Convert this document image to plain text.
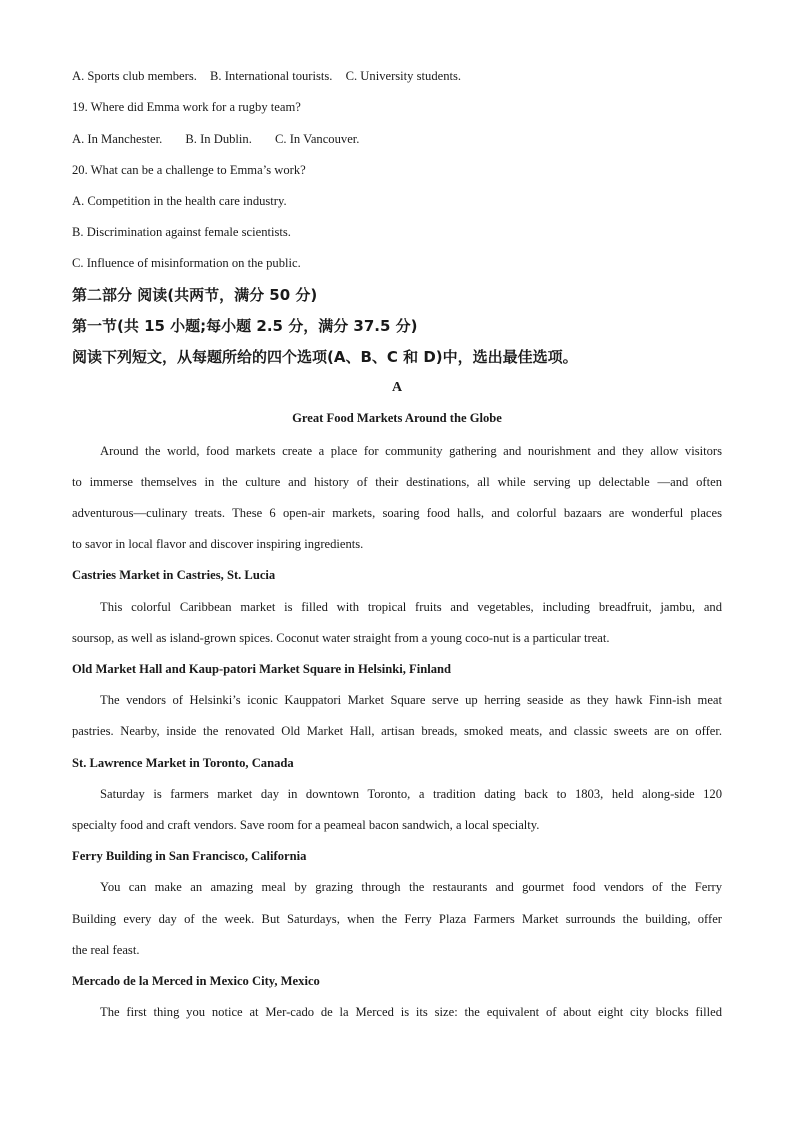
A. Sports club members. B. International tourists. C. University students.
19. Where did Emma work for a rugby team?
A. In Manchester. B. In Dublin. C. In Vancouver.
20. What can be a challenge to Emma’s work?
A. Competition in the health care industry.
B. Discrimination against female scientists.
C. Influence of misinformation on the public.
第二部分 阅读(共两节，满分 50 分)
第一节(共 15 小题;每小题 2.5 分，满分 37.5 分)
阅读下列短文，从每题所给的四个选项(A、B、C 和 D)中，选出最佳选项。
A
Great Food Markets Around the Globe
Around the world, food markets create a place for community gathering and nourishment and they allow visitors
to immerse themselves in the culture and history of their destinations, all while serving up delectable —and often
adventurous—culinary treats. These 6 open-air markets, soaring food halls, and colorful bazaars are wonderful places
to savor in local flavor and discover inspiring ingredients.
Castries Market in Castries, St. Lucia
This colorful Caribbean market is filled with tropical fruits and vegetables, including breadfruit, jambu, and
soursop, as well as island-grown spices. Coconut water straight from a young coco-nut is a particular treat.
Old Market Hall and Kaup-patori Market Square in Helsinki, Finland
The vendors of Helsinki’s iconic Kauppatori Market Square serve up herring seaside as they hawk Finn-ish meat
pastries. Nearby, inside the renovated Old Market Hall, artisan breads, smoked meats, and classic sweets are on offer.
St. Lawrence Market in Toronto, Canada
Saturday is farmers market day in downtown Toronto, a tradition dating back to 1803, held along-side 120
specialty food and craft vendors. Save room for a peameal bacon sandwich, a local specialty.
Ferry Building in San Francisco, California
You can make an amazing meal by grazing through the restaurants and gourmet food vendors of the Ferry
Building every day of the week. But Saturdays, when the Ferry Plaza Farmers Market surrounds the building, offer
the real feast.
Mercado de la Merced in Mexico City, Mexico
The first thing you notice at Mer-cado de la Merced is its size: the equivalent of about eight city blocks filled
